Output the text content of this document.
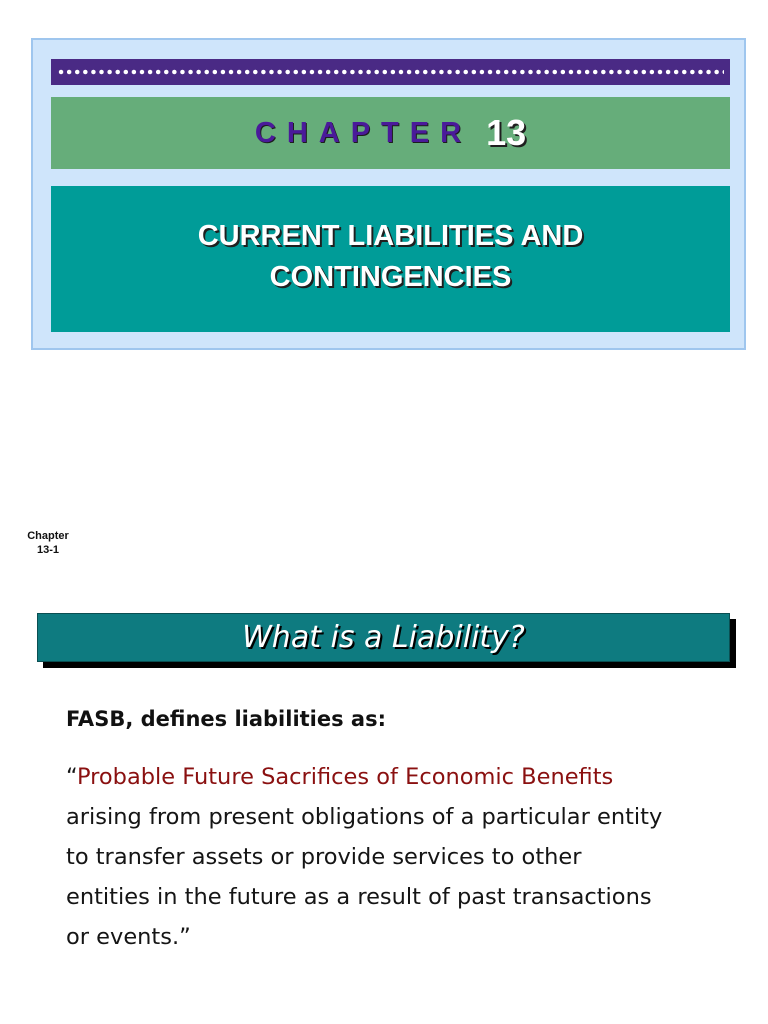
CHAPTER 13
CURRENT LIABILITIES AND
CONTINGENCIES
Chapter
13-1
What is a Liability?
FASB, defines liabilities as:
“Probable Future Sacrifices of Economic Benefits
arising from present obligations of a particular entity
to transfer assets or provide services to other
entities in the future as a result of past transactions
or events.”
